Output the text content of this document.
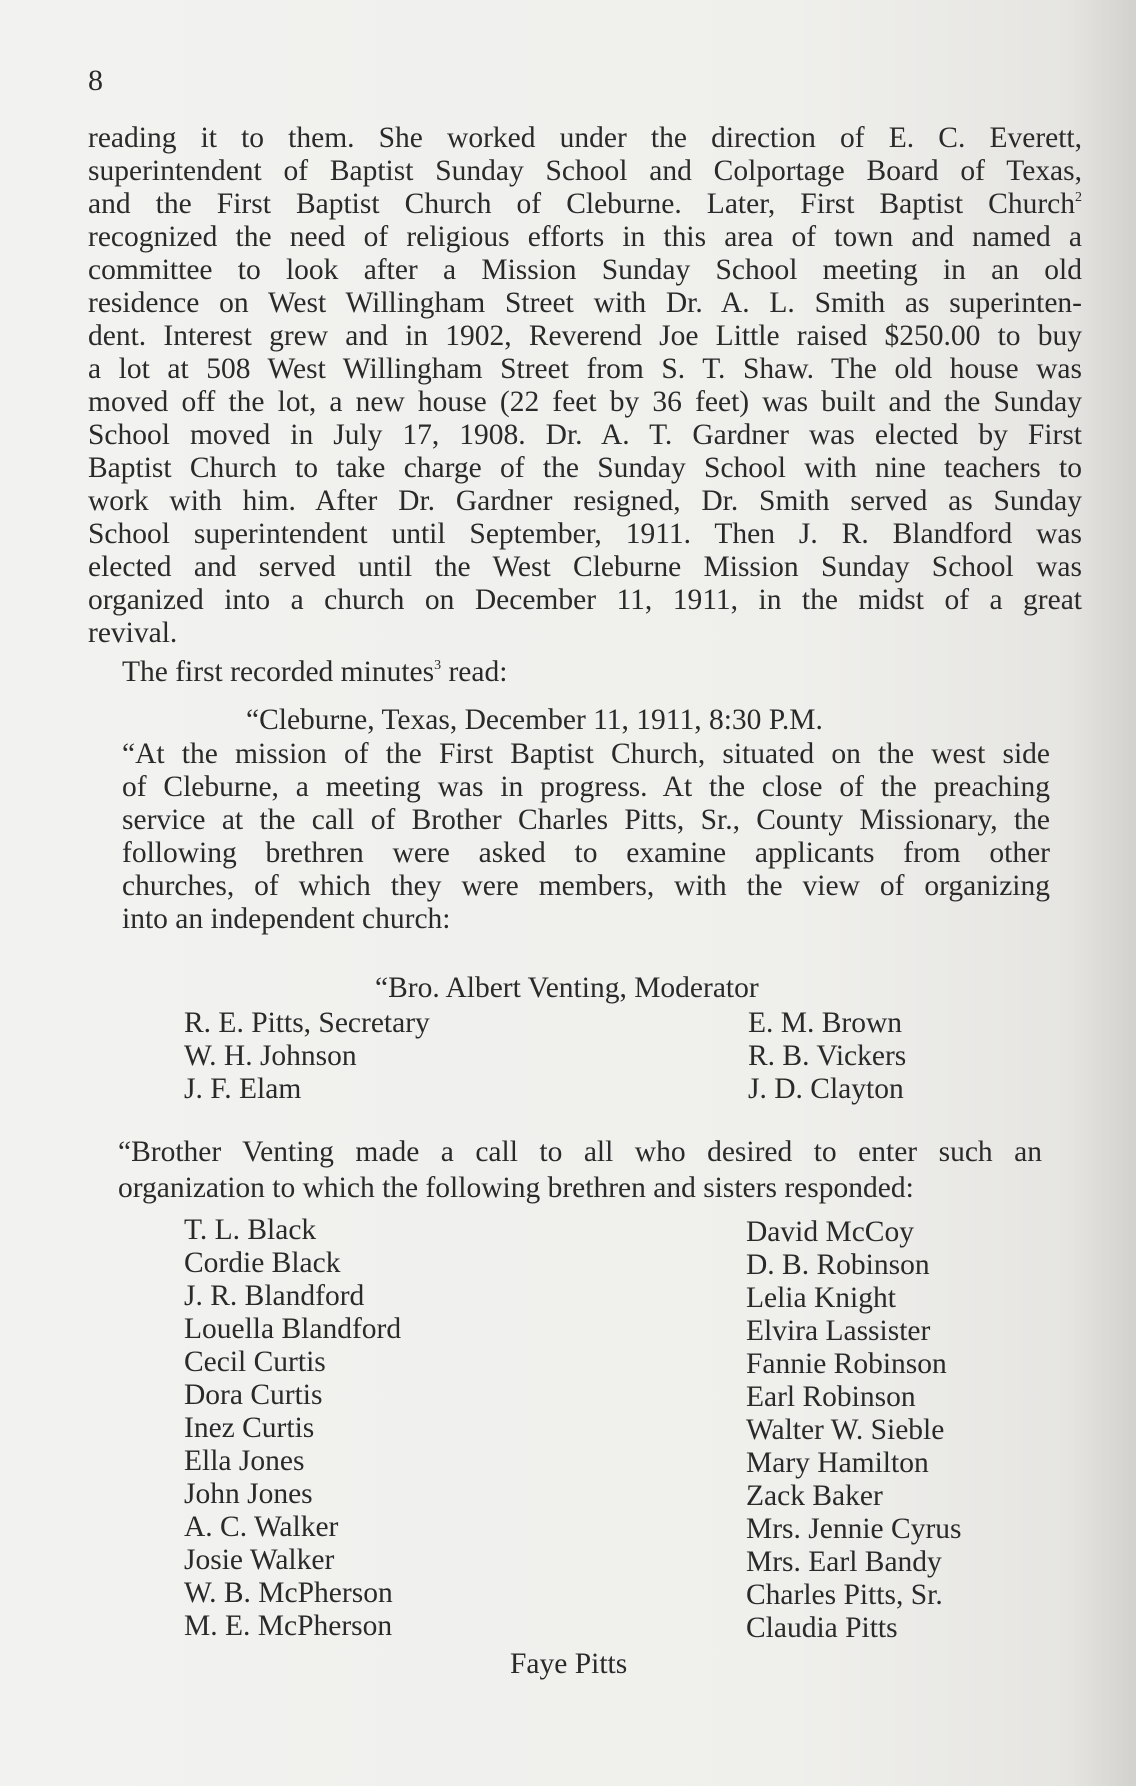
8
reading it to them. She worked under the direction of E. C. Everett,
superintendent of Baptist Sunday School and Colportage Board of Texas,
and the First Baptist Church of Cleburne. Later, First Baptist Church$^2$
recognized the need of religious efforts in this area of town and named a
committee to look after a Mission Sunday School meeting in an old
residence on West Willingham Street with Dr. A. L. Smith as superinten-
dent. Interest grew and in 1902, Reverend Joe Little raised $250.00 to buy
a lot at 508 West Willingham Street from S. T. Shaw. The old house was
moved off the lot, a new house (22 feet by 36 feet) was built and the Sunday
School moved in July 17, 1908. Dr. A. T. Gardner was elected by First
Baptist Church to take charge of the Sunday School with nine teachers to
work with him. After Dr. Gardner resigned, Dr. Smith served as Sunday
School superintendent until September, 1911. Then J. R. Blandford was
elected and served until the West Cleburne Mission Sunday School was
organized into a church on December 11, 1911, in the midst of a great
revival.
The first recorded minutes$^3$ read:
“Cleburne, Texas, December 11, 1911, 8:30 P.M.
“At the mission of the First Baptist Church, situated on the west side
of Cleburne, a meeting was in progress. At the close of the preaching
service at the call of Brother Charles Pitts, Sr., County Missionary, the
following brethren were asked to examine applicants from other
churches, of which they were members, with the view of organizing
into an independent church:
“Bro. Albert Venting, Moderator
R. E. Pitts, Secretary
W. H. Johnson
J. F. Elam
E. M. Brown
R. B. Vickers
J. D. Clayton
“Brother Venting made a call to all who desired to enter such an
organization to which the following brethren and sisters responded:
T. L. Black
Cordie Black
J. R. Blandford
Louella Blandford
Cecil Curtis
Dora Curtis
Inez Curtis
Ella Jones
John Jones
A. C. Walker
Josie Walker
W. B. McPherson
M. E. McPherson
David McCoy
D. B. Robinson
Lelia Knight
Elvira Lassister
Fannie Robinson
Earl Robinson
Walter W. Sieble
Mary Hamilton
Zack Baker
Mrs. Jennie Cyrus
Mrs. Earl Bandy
Charles Pitts, Sr.
Claudia Pitts
Faye Pitts
